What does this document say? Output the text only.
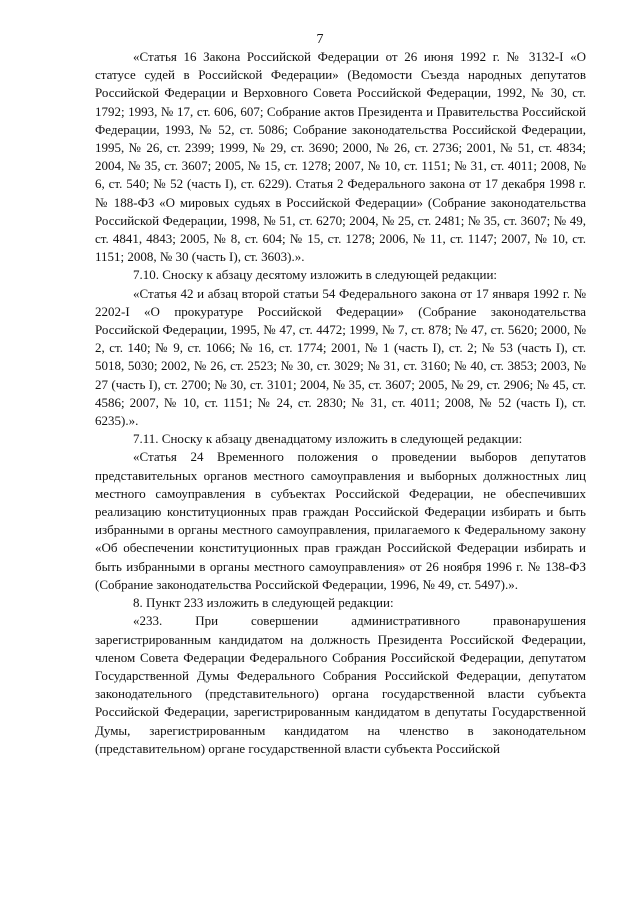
7

«Статья 16 Закона Российской Федерации от 26 июня 1992 г. № 3132-I «О статусе судей в Российской Федерации» (Ведомости Съезда народных депутатов Российской Федерации и Верховного Совета Российской Федерации, 1992, № 30, ст. 1792; 1993, № 17, ст. 606, 607; Собрание актов Президента и Правительства Российской Федерации, 1993, № 52, ст. 5086; Собрание законодательства Российской Федерации, 1995, № 26, ст. 2399; 1999, № 29, ст. 3690; 2000, № 26, ст. 2736; 2001, № 51, ст. 4834; 2004, № 35, ст. 3607; 2005, № 15, ст. 1278; 2007, № 10, ст. 1151; № 31, ст. 4011; 2008, № 6, ст. 540; № 52 (часть I), ст. 6229). Статья 2 Федерального закона от 17 декабря 1998 г. № 188-ФЗ «О мировых судьях в Российской Федерации» (Собрание законодательства Российской Федерации, 1998, № 51, ст. 6270; 2004, № 25, ст. 2481; № 35, ст. 3607; № 49, ст. 4841, 4843; 2005, № 8, ст. 604; № 15, ст. 1278; 2006, № 11, ст. 1147; 2007, № 10, ст. 1151; 2008, № 30 (часть I), ст. 3603).».

7.10. Сноску к абзацу десятому изложить в следующей редакции:

«Статья 42 и абзац второй статьи 54 Федерального закона от 17 января 1992 г. № 2202-I «О прокуратуре Российской Федерации» (Собрание законодательства Российской Федерации, 1995, № 47, ст. 4472; 1999, № 7, ст. 878; № 47, ст. 5620; 2000, № 2, ст. 140; № 9, ст. 1066; № 16, ст. 1774; 2001, № 1 (часть I), ст. 2; № 53 (часть I), ст. 5018, 5030; 2002, № 26, ст. 2523; № 30, ст. 3029; № 31, ст. 3160; № 40, ст. 3853; 2003, № 27 (часть I), ст. 2700; № 30, ст. 3101; 2004, № 35, ст. 3607; 2005, № 29, ст. 2906; № 45, ст. 4586; 2007, № 10, ст. 1151; № 24, ст. 2830; № 31, ст. 4011; 2008, № 52 (часть I), ст. 6235).».

7.11. Сноску к абзацу двенадцатому изложить в следующей редакции:

«Статья 24 Временного положения о проведении выборов депутатов представительных органов местного самоуправления и выборных должностных лиц местного самоуправления в субъектах Российской Федерации, не обеспечивших реализацию конституционных прав граждан Российской Федерации избирать и быть избранными в органы местного самоуправления, прилагаемого к Федеральному закону «Об обеспечении конституционных прав граждан Российской Федерации избирать и быть избранными в органы местного самоуправления» от 26 ноября 1996 г. № 138-ФЗ (Собрание законодательства Российской Федерации, 1996, № 49, ст. 5497).».

8. Пункт 233 изложить в следующей редакции:

«233. При совершении административного правонарушения зарегистрированным кандидатом на должность Президента Российской Федерации, членом Совета Федерации Федерального Собрания Российской Федерации, депутатом Государственной Думы Федерального Собрания Российской Федерации, депутатом законодательного (представительного) органа государственной власти субъекта Российской Федерации, зарегистрированным кандидатом в депутаты Государственной Думы, зарегистрированным кандидатом на членство в законодательном (представительном) органе государственной власти субъекта Российской
